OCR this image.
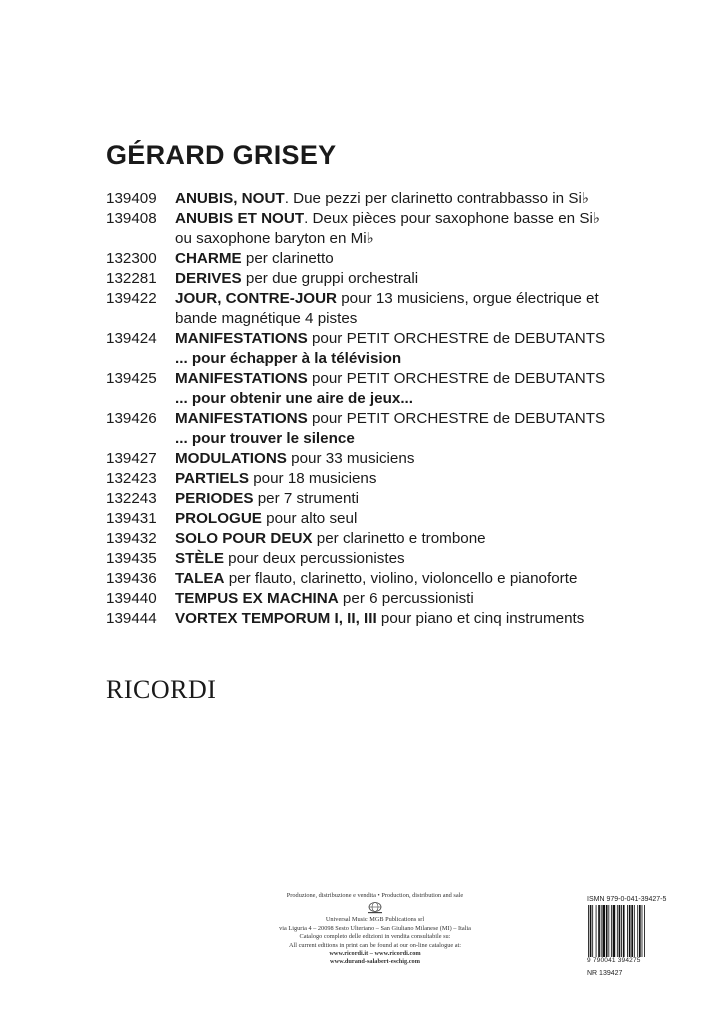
GÉRARD GRISEY
139409	ANUBIS, NOUT. Due pezzi per clarinetto contrabbasso in Si♭
139408	ANUBIS ET NOUT. Deux pièces pour saxophone basse en Si♭
ou saxophone baryton en Mi♭
132300	CHARME per clarinetto
132281	DERIVES per due gruppi orchestrali
139422	JOUR, CONTRE-JOUR pour 13 musiciens, orgue électrique et
bande magnétique 4 pistes
139424	MANIFESTATIONS pour PETIT ORCHESTRE de DEBUTANTS
... pour échapper à la télévision
139425	MANIFESTATIONS pour PETIT ORCHESTRE de DEBUTANTS
... pour obtenir une aire de jeux...
139426	MANIFESTATIONS pour PETIT ORCHESTRE de DEBUTANTS
... pour trouver le silence
139427	MODULATIONS pour 33 musiciens
132423	PARTIELS pour 18 musiciens
132243	PERIODES per 7 strumenti
139431	PROLOGUE pour alto seul
139432	SOLO POUR DEUX per clarinetto e trombone
139435	STÈLE pour deux percussionistes
139436	TALEA per flauto, clarinetto, violino, violoncello e pianoforte
139440	TEMPUS EX MACHINA per 6 percussionisti
139444	VORTEX TEMPORUM I, II, III pour piano et cinq instruments
RICORDI
Produzione, distribuzione e vendita • Production, distribution and sale
Universal Music MGB Publications srl
via Liguria 4 – 20098 Sesto Ulteriano – San Giuliano Milanese (MI) – Italia
Catalogo completo delle edizioni in vendita consultabile su:
All current editions in print can be found at our on-line catalogue at:
www.ricordi.it – www.ricordi.com
www.durand-salabert-eschig.com
ISMN 979-0-041-39427-5
9 790041 394275
NR 139427
